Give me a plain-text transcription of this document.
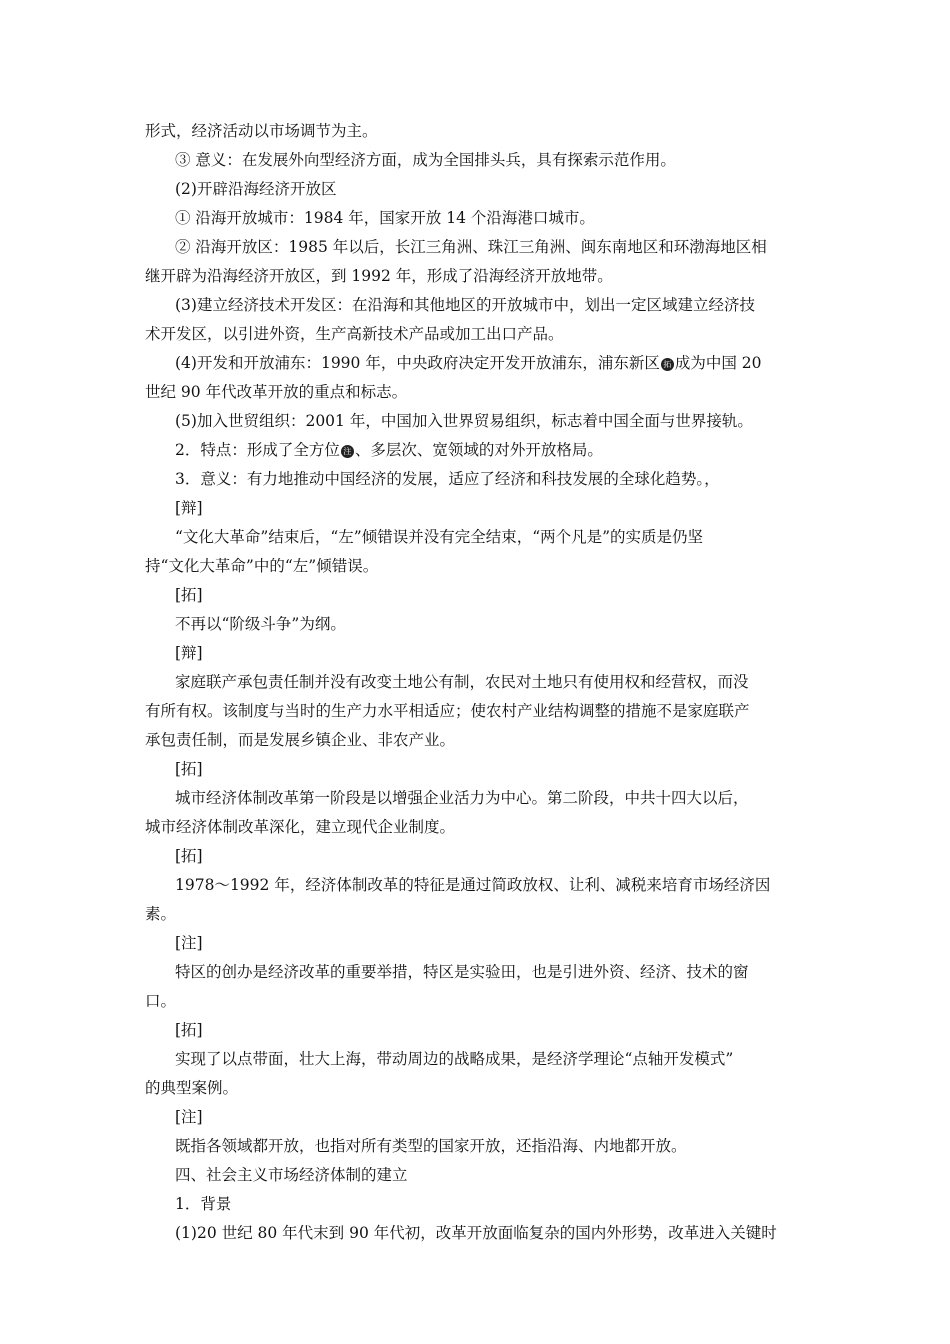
形式，经济活动以市场调节为主。
③ 意义：在发展外向型经济方面，成为全国排头兵，具有探索示范作用。
(2)开辟沿海经济开放区
① 沿海开放城市：1984 年，国家开放 14 个沿海港口城市。
② 沿海开放区：1985 年以后，长江三角洲、珠江三角洲、闽东南地区和环渤海地区相
继开辟为沿海经济开放区，到 1992 年，形成了沿海经济开放地带。
(3)建立经济技术开发区：在沿海和其他地区的开放城市中，划出一定区域建立经济技
术开发区，以引进外资，生产高新技术产品或加工出口产品。
(4)开发和开放浦东：1990 年，中央政府决定开发开放浦东，浦东新区 拓 成为中国 20
世纪 90 年代改革开放的重点和标志。
(5)加入世贸组织：2001 年，中国加入世界贸易组织，标志着中国全面与世界接轨。
2．特点：形成了全方位 注 、多层次、宽领域的对外开放格局。
3．意义：有力地推动中国经济的发展，适应了经济和科技发展的全球化趋势。，
[辩]
“文化大革命”结束后，“左”倾错误并没有完全结束，“两个凡是”的实质是仍坚
持“文化大革命”中的“左”倾错误。
[拓]
不再以“阶级斗争”为纲。
[辩]
家庭联产承包责任制并没有改变土地公有制，农民对土地只有使用权和经营权，而没
有所有权。该制度与当时的生产力水平相适应；使农村产业结构调整的措施不是家庭联产
承包责任制，而是发展乡镇企业、非农产业。
[拓]
城市经济体制改革第一阶段是以增强企业活力为中心。第二阶段，中共十四大以后，
城市经济体制改革深化，建立现代企业制度。
[拓]
1978～1992 年，经济体制改革的特征是通过简政放权、让利、减税来培育市场经济因
素。
[注]
特区的创办是经济改革的重要举措，特区是实验田，也是引进外资、经济、技术的窗
口。
[拓]
实现了以点带面，壮大上海，带动周边的战略成果，是经济学理论“点轴开发模式”
的典型案例。
[注]
既指各领域都开放，也指对所有类型的国家开放，还指沿海、内地都开放。
四、社会主义市场经济体制的建立
1．背景
(1)20 世纪 80 年代末到 90 年代初，改革开放面临复杂的国内外形势，改革进入关键时
